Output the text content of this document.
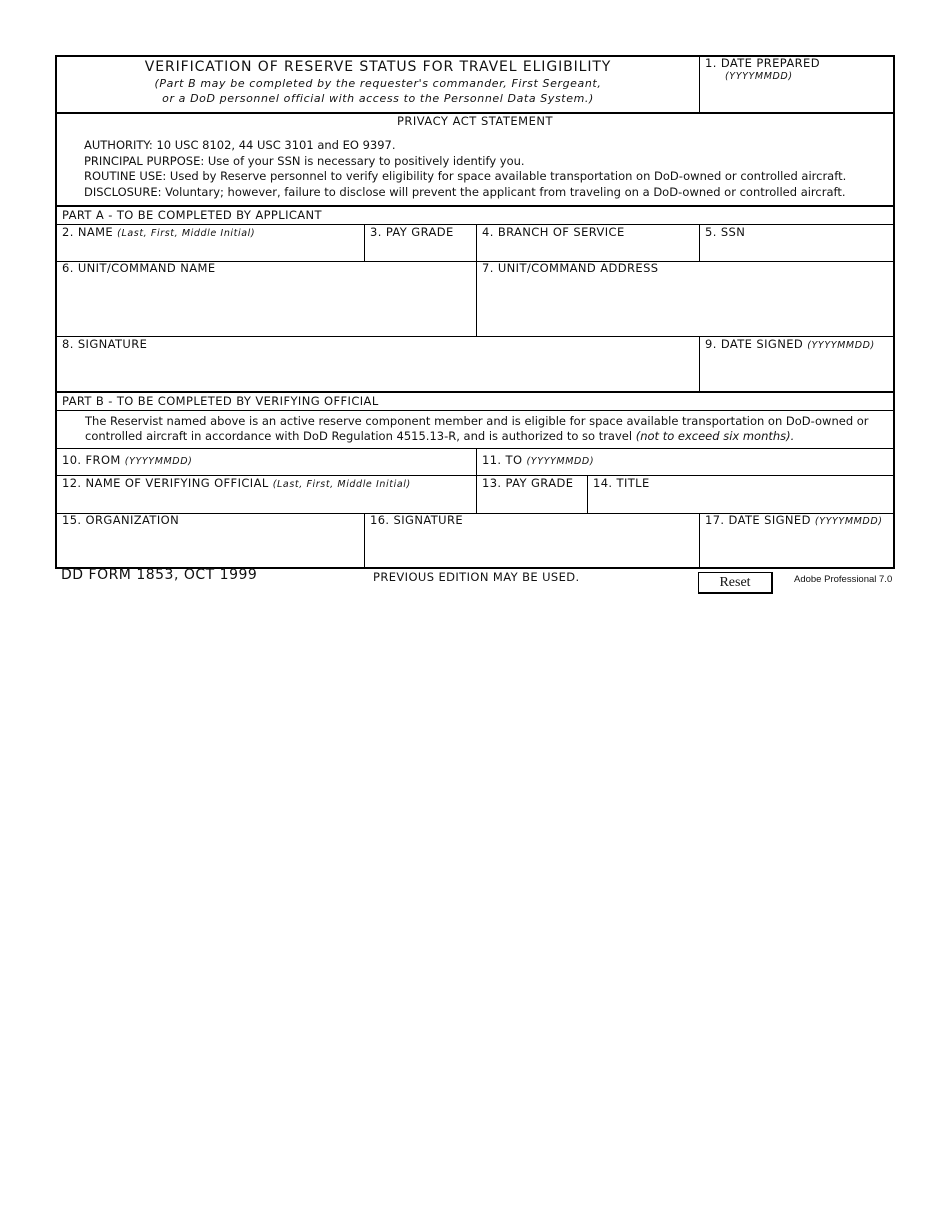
VERIFICATION OF RESERVE STATUS FOR TRAVEL ELIGIBILITY
(Part B may be completed by the requester's commander, First Sergeant,
or a DoD personnel official with access to the Personnel Data System.)
1. DATE PREPARED
(YYYYMMDD)
PRIVACY ACT STATEMENT

AUTHORITY: 10 USC 8102, 44 USC 3101 and EO 9397.

PRINCIPAL PURPOSE: Use of your SSN is necessary to positively identify you.

ROUTINE USE: Used by Reserve personnel to verify eligibility for space available transportation on DoD-owned or controlled aircraft.

DISCLOSURE: Voluntary; however, failure to disclose will prevent the applicant from traveling on a DoD-owned or controlled aircraft.

PART A - TO BE COMPLETED BY APPLICANT
2. NAME (Last, First, Middle Initial)	3. PAY GRADE 4. BRANCH OF SERVICE	5. SSN
6. UNIT/COMMAND NAME	7. UNIT/COMMAND ADDRESS
8. SIGNATURE	9. DATE SIGNED (YYYYMMDD)
PART B - TO BE COMPLETED BY VERIFYING OFFICIAL
The Reservist named above is an active reserve component member and is eligible for space available transportation on DoD-owned or
controlled aircraft in accordance with DoD Regulation 4515.13-R, and is authorized to so travel (not to exceed six months).
10. FROM (YYYYMMDD)	11. TO (YYYYMMDD)
12. NAME OF VERIFYING OFFICIAL (Last, First, Middle Initial)	13. PAY GRADE 14. TITLE
15. ORGANIZATION	16. SIGNATURE	17. DATE SIGNED (YYYYMMDD)
DD FORM 1853, OCT 1999	PREVIOUS EDITION MAY BE USED.	Reset	Adobe Professional 7.0
